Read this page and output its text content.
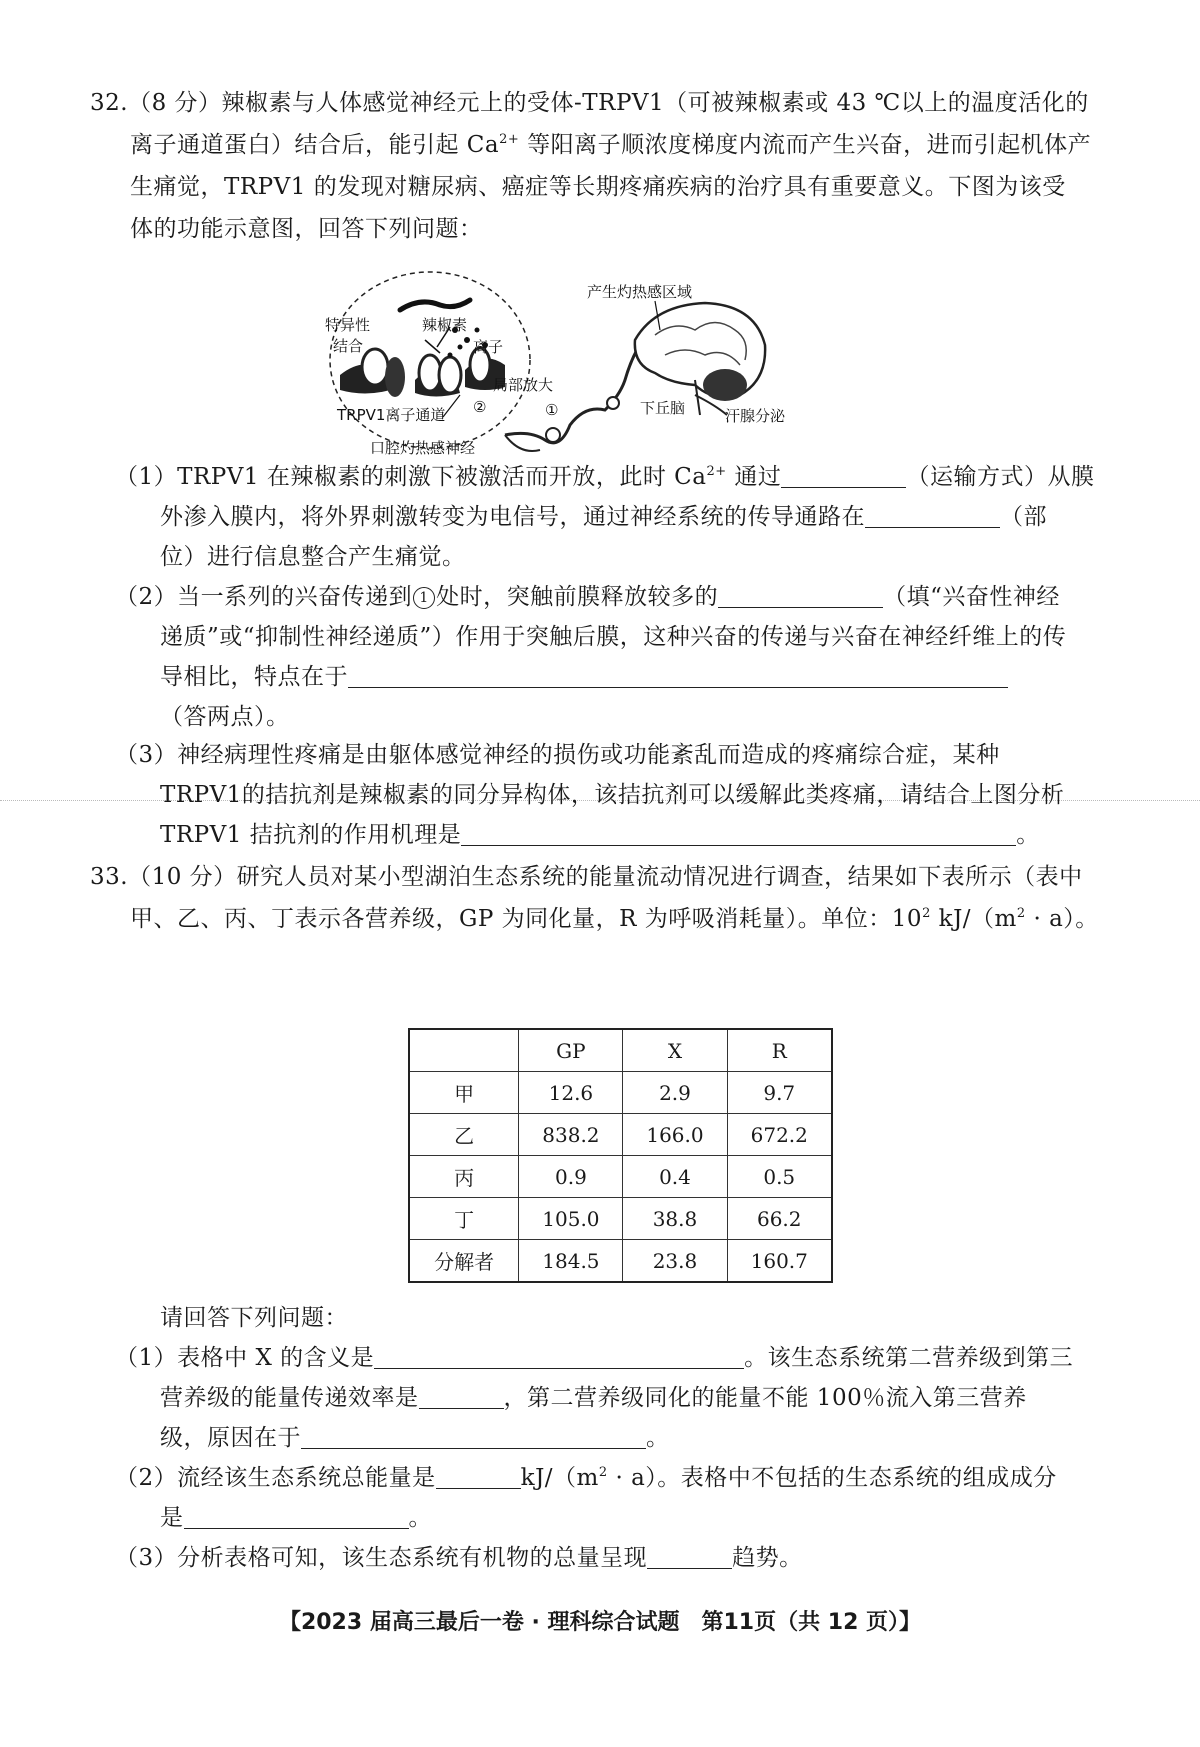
32.（8 分）辣椒素与人体感觉神经元上的受体-TRPV1（可被辣椒素或 43 ℃以上的温度活化的
离子通道蛋白）结合后，能引起 $Ca^{2+}$ 等阳离子顺浓度梯度内流而产生兴奋，进而引起机体产
生痛觉，TRPV1 的发现对糖尿病、癌症等长期疼痛疾病的治疗具有重要意义。下图为该受
体的功能示意图，回答下列问题：
特异性
结合
辣椒素
离子
TRPV1离子通道 ②
局部放大
①
口腔灼热感神经
产生灼热感区域
下丘脑	汗腺分泌
（1）TRPV1 在辣椒素的刺激下被激活而开放，此时 $Ca^{2+}$ 通过	（运输方式）从膜
外渗入膜内，将外界刺激转变为电信号，通过神经系统的传导通路在	（部
位）进行信息整合产生痛觉。
（2）当一系列的兴奋传递到 1 处时，突触前膜释放较多的	（填“兴奋性神经
递质”或“抑制性神经递质”）作用于突触后膜，这种兴奋的传递与兴奋在神经纤维上的传
导相比，特点在于
（答两点）。
（3）神经病理性疼痛是由躯体感觉神经的损伤或功能紊乱而造成的疼痛综合症，某种
TRPV1的拮抗剂是辣椒素的同分异构体，该拮抗剂可以缓解此类疼痛，请结合上图分析
TRPV1 拮抗剂的作用机理是	。
33.（10 分）研究人员对某小型湖泊生态系统的能量流动情况进行调查，结果如下表所示（表中
甲、乙、丙、丁表示各营养级，GP 为同化量，R 为呼吸消耗量）。单位：$10^2$ $kJ/(m^2 \cdot a)$。
	GP	X	R
甲	12.6	2.9	9.7
乙	838.2	166.0	672.2
丙	0.9	0.4	0.5
丁	105.0	38.8	66.2
分解者	184.5	23.8	160.7
请回答下列问题：
（1）表格中 X 的含义是	。该生态系统第二营养级到第三
营养级的能量传递效率是	，第二营养级同化的能量不能 100％流入第三营养
级，原因在于	。
（2）流经该生态系统总能量是	$kJ/(m^2 \cdot a)$。表格中不包括的生态系统的组成成分
是	。
（3）分析表格可知，该生态系统有机物的总量呈现	趋势。
【2023 届高三最后一卷 · 理科综合试题　第11页（共 12 页）】
